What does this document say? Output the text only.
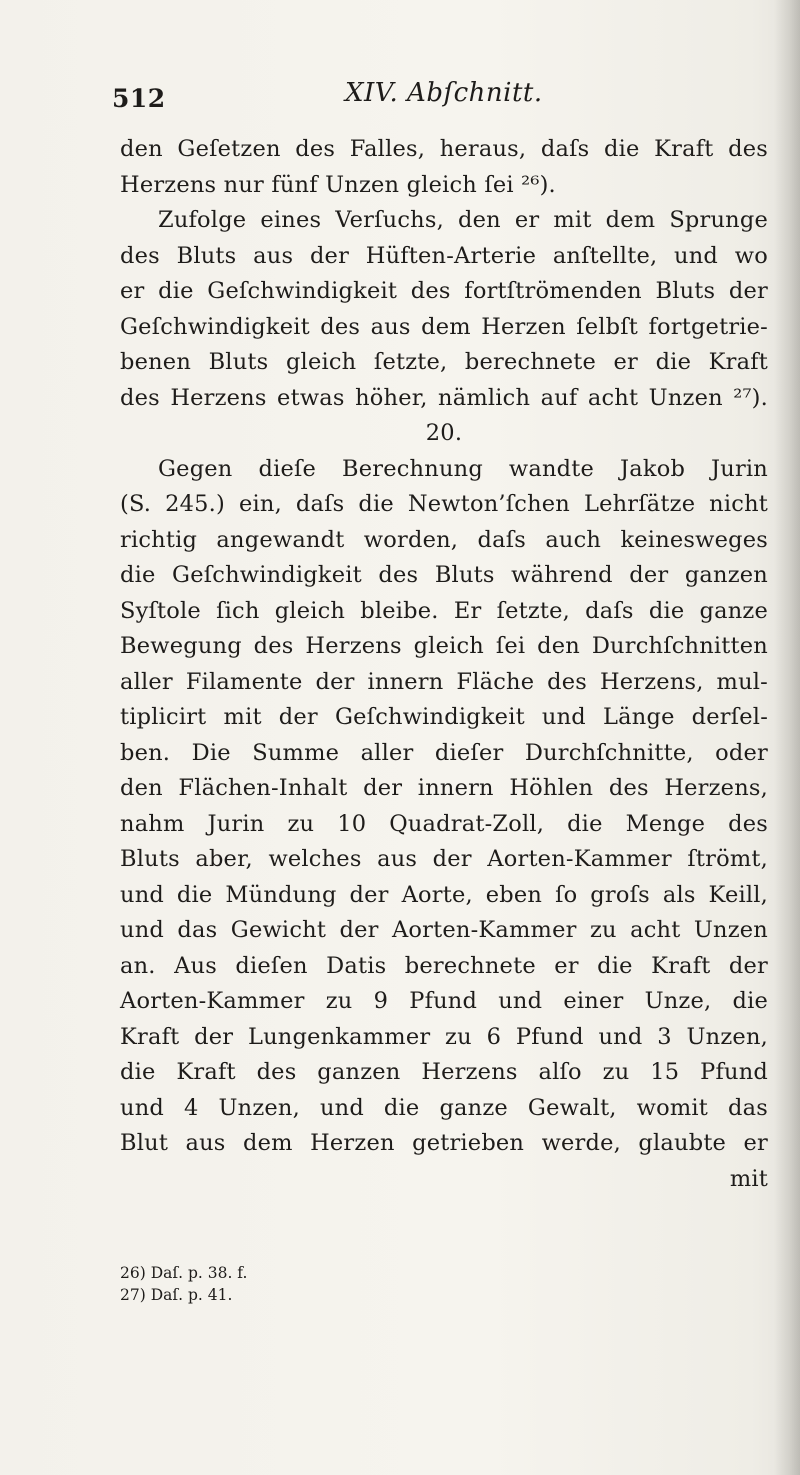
512	XIV. Abſchnitt.
den Geſetzen des Falles, heraus, daſs die Kraft des
Herzens nur fünf Unzen gleich ſei ²⁶).
Zufolge eines Verſuchs, den er mit dem Sprunge
des Bluts aus der Hüften-Arterie anſtellte, und wo
er die Geſchwindigkeit des fortſtrömenden Bluts der
Geſchwindigkeit des aus dem Herzen ſelbſt fortgetrie-
benen Bluts gleich ſetzte, berechnete er die Kraft
des Herzens etwas höher, nämlich auf acht Unzen ²⁷).
20.
Gegen dieſe Berechnung wandte Jakob Jurin
(S. 245.) ein, daſs die Newton’ſchen Lehrſätze nicht
richtig angewandt worden, daſs auch keinesweges
die Geſchwindigkeit des Bluts während der ganzen
Syſtole ſich gleich bleibe. Er ſetzte, daſs die ganze
Bewegung des Herzens gleich ſei den Durchſchnitten
aller Filamente der innern Fläche des Herzens, mul-
tiplicirt mit der Geſchwindigkeit und Länge derſel-
ben. Die Summe aller dieſer Durchſchnitte, oder
den Flächen-Inhalt der innern Höhlen des Herzens,
nahm Jurin zu 10 Quadrat-Zoll, die Menge des
Bluts aber, welches aus der Aorten-Kammer ſtrömt,
und die Mündung der Aorte, eben ſo groſs als Keill,
und das Gewicht der Aorten-Kammer zu acht Unzen
an. Aus dieſen Datis berechnete er die Kraft der
Aorten-Kammer zu 9 Pfund und einer Unze, die
Kraft der Lungenkammer zu 6 Pfund und 3 Unzen,
die Kraft des ganzen Herzens alſo zu 15 Pfund
und 4 Unzen, und die ganze Gewalt, womit das
Blut aus dem Herzen getrieben werde, glaubte er
mit
26) Daſ. p. 38. f.
27) Daſ. p. 41.
